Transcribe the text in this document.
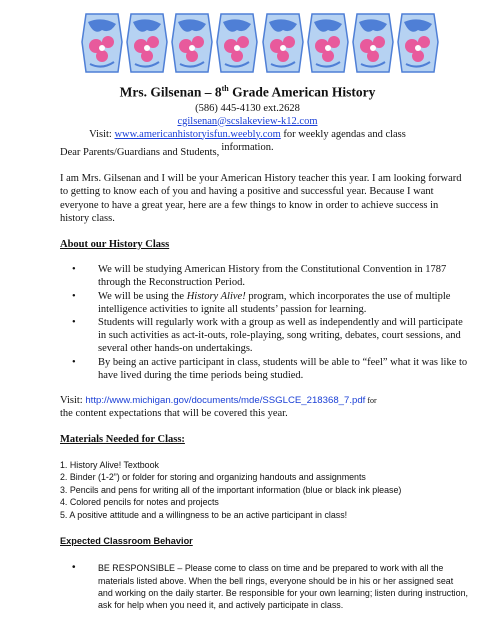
Mrs. Gilsenan – 8th Grade American History
(586) 445-4130 ext.2628
cgilsenan@scslakeview-k12.com
Visit: www.americanhistoryisfun.weebly.com for weekly agendas and class
information.
Dear Parents/Guardians and Students,
I am Mrs. Gilsenan and I will be your American History teacher this year. I am looking forward to getting to know each of you and having a positive and successful year. Because I want everyone to have a great year, here are a few things to know in order to achieve success in history class.
About our History Class
• We will be studying American History from the Constitutional Convention in 1787 through the Reconstruction Period.
• We will be using the History Alive! program, which incorporates the use of multiple intelligence activities to ignite all students’ passion for learning.
• Students will regularly work with a group as well as independently and will participate in such activities as act-it-outs, role-playing, song writing, debates, court sessions, and several other hands-on undertakings.
• By being an active participant in class, students will be able to “feel” what it was like to have lived during the time periods being studied.
Visit: http://www.michigan.gov/documents/mde/SSGLCE_218368_7.pdf for
the content expectations that will be covered this year.
Materials Needed for Class:
1. History Alive! Textbook
2. Binder (1-2”) or folder for storing and organizing handouts and assignments
3. Pencils and pens for writing all of the important information (blue or black ink please)
4. Colored pencils for notes and projects
5. A positive attitude and a willingness to be an active participant in class!
Expected Classroom Behavior
• BE RESPONSIBLE – Please come to class on time and be prepared to work with all the materials listed above. When the bell rings, everyone should be in his or her assigned seat and working on the daily starter. Be responsible for your own learning; listen during instruction, ask for help when you need it, and actively participate in class.
